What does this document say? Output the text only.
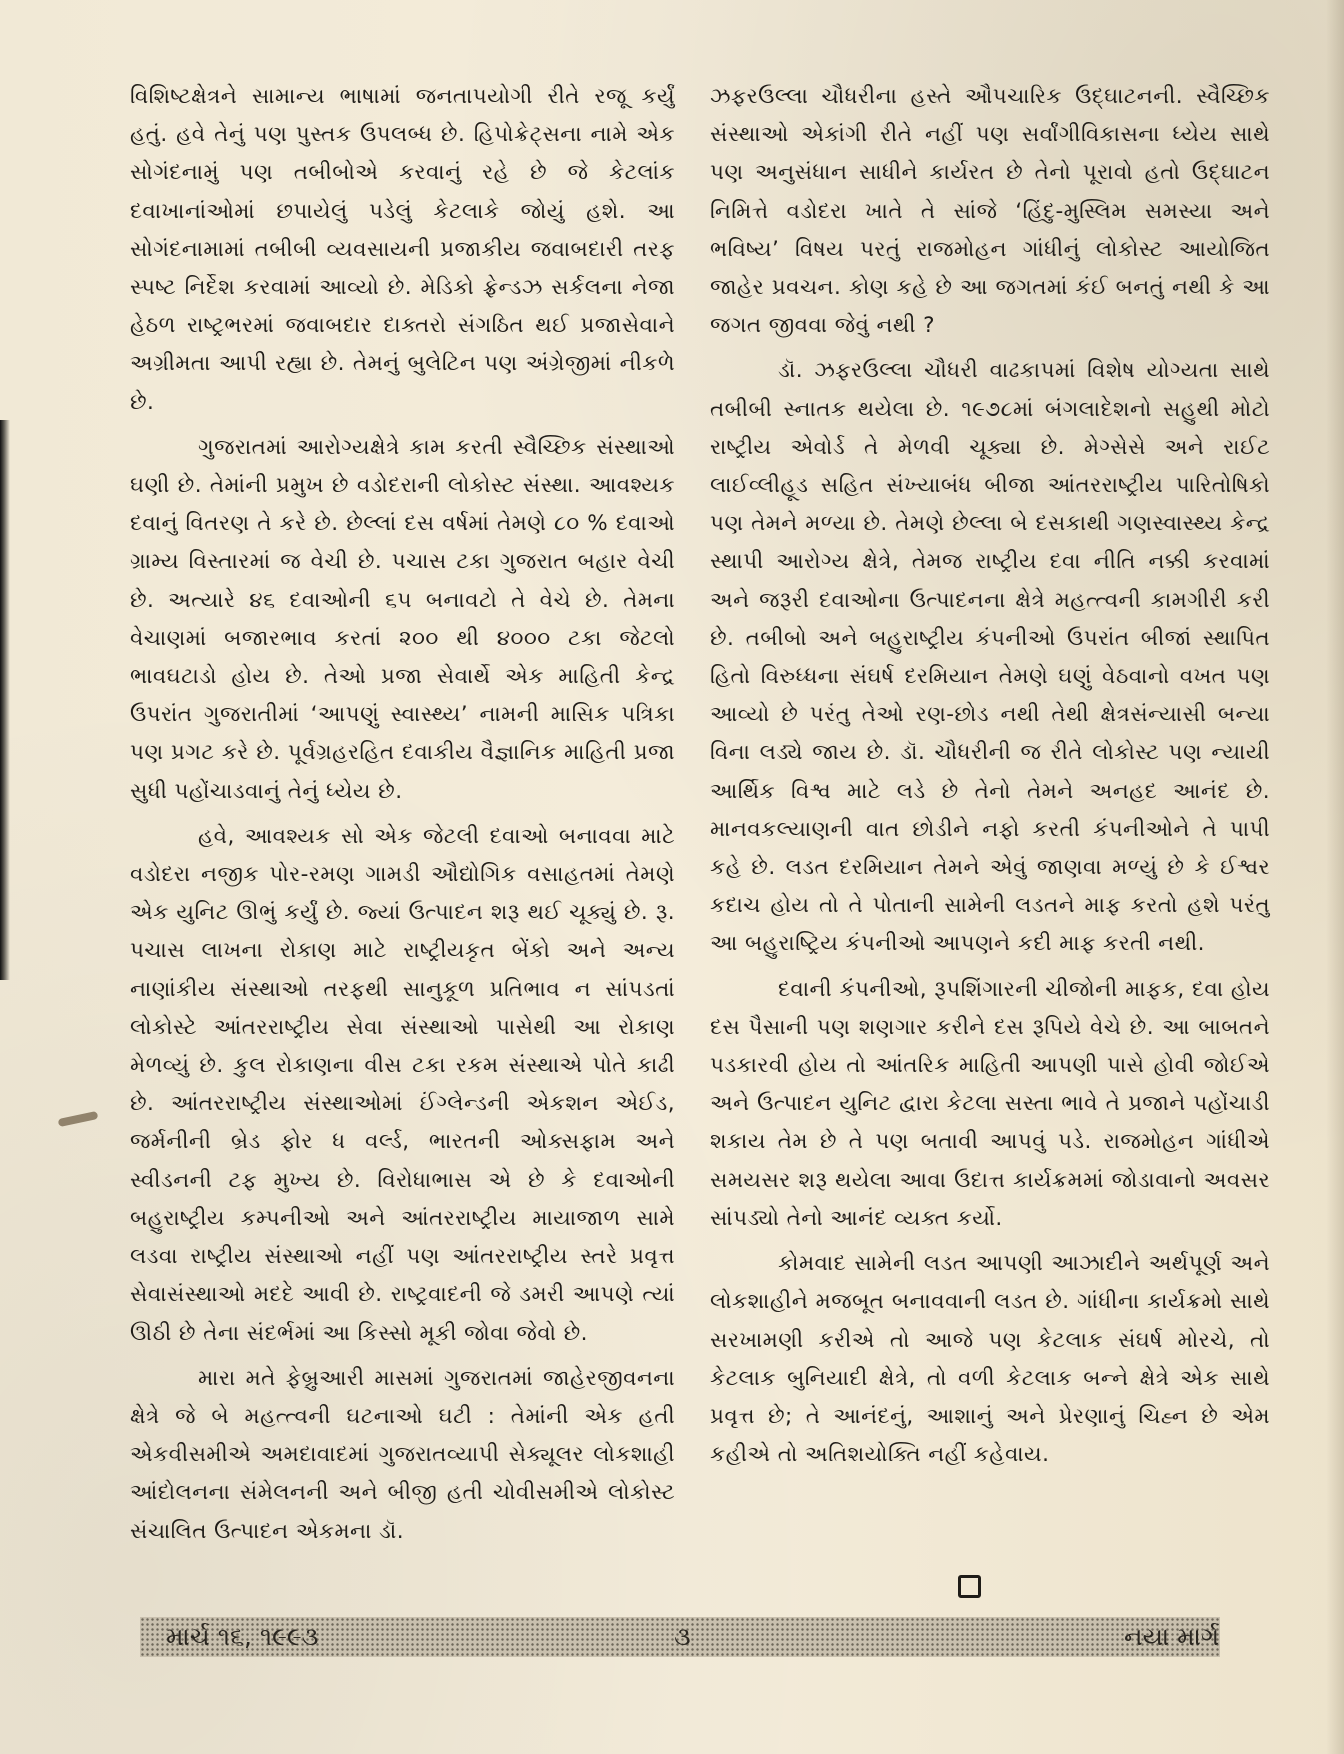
વિશિષ્ટક્ષેત્રને સામાન્ય ભાષામાં જનતાપયોગી રીતે રજૂ કર્યું હતું. હવે તેનું પણ પુસ્તક ઉપલબ્ધ છે. હિપોક્રેટ્સના નામે એક સોગંદનામું પણ તબીબોએ કરવાનું રહે છે જે કેટલાંક દવાખાનાંઓમાં છપાયેલું પડેલું કેટલાકે જોયું હશે. આ સોગંદનામામાં તબીબી વ્યવસાયની પ્રજાકીય જવાબદારી તરફ સ્પષ્ટ નિર્દેશ કરવામાં આવ્યો છે. મેડિકો ફ્રેન્ડઝ સર્કલના નેજા હેઠળ રાષ્ટ્રભરમાં જવાબદાર દાક્તરો સંગઠિત થઈ પ્રજાસેવાને અગ્રીમતા આપી રહ્યા છે. તેમનું બુલેટિન પણ અંગ્રેજીમાં નીકળે છે.

ગુજરાતમાં આરોગ્યક્ષેત્રે કામ કરતી સ્વૈચ્છિક સંસ્થાઓ ઘણી છે. તેમાંની પ્રમુખ છે વડોદરાની લોકોસ્ટ સંસ્થા. આવશ્યક દવાનું વિતરણ તે કરે છે. છેલ્લાં દસ વર્ષમાં તેમણે ૮૦ % દવાઓ ગ્રામ્ય વિસ્તારમાં જ વેચી છે. પચાસ ટકા ગુજરાત બહાર વેચી છે. અત્યારે ૪૬ દવાઓની ૬૫ બનાવટો તે વેચે છે. તેમના વેચાણમાં બજારભાવ કરતાં ૨૦૦ થી ૪૦૦૦ ટકા જેટલો ભાવઘટાડો હોય છે. તેઓ પ્રજા સેવાર્થે એક માહિતી કેન્દ્ર ઉપરાંત ગુજરાતીમાં ‘આપણું સ્વાસ્થ્ય’ નામની માસિક પત્રિકા પણ પ્રગટ કરે છે. પૂર્વગ્રહરહિત દવાકીય વૈજ્ઞાનિક માહિતી પ્રજા સુધી પહોંચાડવાનું તેનું ધ્યેય છે.

હવે, આવશ્યક સો એક જેટલી દવાઓ બનાવવા માટે વડોદરા નજીક પોર-રમણ ગામડી ઔદ્યોગિક વસાહતમાં તેમણે એક યુનિટ ઊભું કર્યું છે. જ્યાં ઉત્પાદન શરૂ થઈ ચૂક્યું છે. રૂ. પચાસ લાખના રોકાણ માટે રાષ્ટ્રીયકૃત બેંકો અને અન્ય નાણાંકીય સંસ્થાઓ તરફથી સાનુકૂળ પ્રતિભાવ ન સાંપડતાં લોકોસ્ટે આંતરરાષ્ટ્રીય સેવા સંસ્થાઓ પાસેથી આ રોકાણ મેળવ્યું છે. કુલ રોકાણના વીસ ટકા રકમ સંસ્થાએ પોતે કાઢી છે. આંતરરાષ્ટ્રીય સંસ્થાઓમાં ઈંગ્લેન્ડની એકશન એઈડ, જર્મનીની બ્રેડ ફોર ધ વર્લ્ડ, ભારતની ઓક્સફામ અને સ્વીડનની ટફ મુખ્ય છે. વિરોધાભાસ એ છે કે દવાઓની બહુરાષ્ટ્રીય કમ્પનીઓ અને આંતરરાષ્ટ્રીય માયાજાળ સામે લડવા રાષ્ટ્રીય સંસ્થાઓ નહીં પણ આંતરરાષ્ટ્રીય સ્તરે પ્રવૃત્ત સેવાસંસ્થાઓ મદદે આવી છે. રાષ્ટ્રવાદની જે ડમરી આપણે ત્યાં ઊઠી છે તેના સંદર્ભમાં આ કિસ્સો મૂકી જોવા જેવો છે.

મારા મતે ફેબ્રુઆરી માસમાં ગુજરાતમાં જાહેરજીવનના ક્ષેત્રે જે બે મહત્ત્વની ઘટનાઓ ઘટી : તેમાંની એક હતી એકવીસમીએ અમદાવાદમાં ગુજરાતવ્યાપી સેક્યૂલર લોકશાહી આંદોલનના સંમેલનની અને બીજી હતી ચોવીસમીએ લોકોસ્ટ સંચાલિત ઉત્પાદન એકમના ડૉ.

ઝફરઉલ્લા ચૌધરીના હસ્તે ઔપચારિક ઉદ્‌ઘાટનની. સ્વૈચ્છિક સંસ્થાઓ એકાંગી રીતે નહીં પણ સર્વાંગીવિકાસના ધ્યેય સાથે પણ અનુસંધાન સાધીને કાર્યરત છે તેનો પૂરાવો હતો ઉદ્‌ઘાટન નિમિત્તે વડોદરા ખાતે તે સાંજે ‘હિંદુ-મુસ્લિમ સમસ્યા અને ભવિષ્ય’ વિષય પરતું રાજમોહન ગાંધીનું લોકોસ્ટ આયોજિત જાહેર પ્રવચન. કોણ કહે છે આ જગતમાં કંઈ બનતું નથી કે આ જગત જીવવા જેવું નથી ?

ડૉ. ઝફરઉલ્લા ચૌધરી વાઢકાપમાં વિશેષ યોગ્યતા સાથે તબીબી સ્નાતક થયેલા છે. ૧૯૭૮માં બંગલાદેશનો સહુથી મોટો રાષ્ટ્રીય એવોર્ડ તે મેળવી ચૂક્યા છે. મેગ્સેસે અને રાઈટ લાઈવ્લીહૂડ સહિત સંખ્યાબંધ બીજા આંતરરાષ્ટ્રીય પારિતોષિકો પણ તેમને મળ્યા છે. તેમણે છેલ્લા બે દસકાથી ગણસ્વાસ્થ્ય કેન્દ્ર સ્થાપી આરોગ્ય ક્ષેત્રે, તેમજ રાષ્ટ્રીય દવા નીતિ નક્કી કરવામાં અને જરૂરી દવાઓના ઉત્પાદનના ક્ષેત્રે મહત્ત્વની કામગીરી કરી છે. તબીબો અને બહુરાષ્ટ્રીય કંપનીઓ ઉપરાંત બીજાં સ્થાપિત હિતો વિરુધ્ધના સંઘર્ષ દરમિયાન તેમણે ઘણું વેઠવાનો વખત પણ આવ્યો છે પરંતુ તેઓ રણ-છોડ નથી તેથી ક્ષેત્રસંન્યાસી બન્યા વિના લડ્યે જાય છે. ડૉ. ચૌધરીની જ રીતે લોકોસ્ટ પણ ન્યાયી આર્થિક વિશ્વ માટે લડે છે તેનો તેમને અનહદ આનંદ છે. માનવકલ્યાણની વાત છોડીને નફો કરતી કંપનીઓને તે પાપી કહે છે. લડત દરમિયાન તેમને એવું જાણવા મળ્યું છે કે ઈશ્વર કદાચ હોય તો તે પોતાની સામેની લડતને માફ કરતો હશે પરંતુ આ બહુરાષ્ટ્રિય કંપનીઓ આપણને કદી માફ કરતી નથી.

દવાની કંપનીઓ, રૂપશિંગારની ચીજોની માફક, દવા હોય દસ પૈસાની પણ શણગાર કરીને દસ રૂપિયે વેચે છે. આ બાબતને પડકારવી હોય તો આંતરિક માહિતી આપણી પાસે હોવી જોઈએ અને ઉત્પાદન યુનિટ દ્વારા કેટલા સસ્તા ભાવે તે પ્રજાને પહોંચાડી શકાય તેમ છે તે પણ બતાવી આપવું પડે. રાજમોહન ગાંધીએ સમયસર શરૂ થયેલા આવા ઉદાત્ત કાર્યક્રમમાં જોડાવાનો અવસર સાંપડ્યો તેનો આનંદ વ્યક્ત કર્યો.

કોમવાદ સામેની લડત આપણી આઝાદીને અર્થપૂર્ણ અને લોકશાહીને મજબૂત બનાવવાની લડત છે. ગાંધીના કાર્યક્રમો સાથે સરખામણી કરીએ તો આજે પણ કેટલાક સંઘર્ષ મોરચે, તો કેટલાક બુનિયાદી ક્ષેત્રે, તો વળી કેટલાક બન્ને ક્ષેત્રે એક સાથે પ્રવૃત્ત છે; તે આનંદનું, આશાનું અને પ્રેરણાનું ચિહ્ન છે એમ કહીએ તો અતિશયોક્તિ નહીં કહેવાય.

માર્ચ ૧૬, ૧૯૯૩	૩	નયા માર્ગ
